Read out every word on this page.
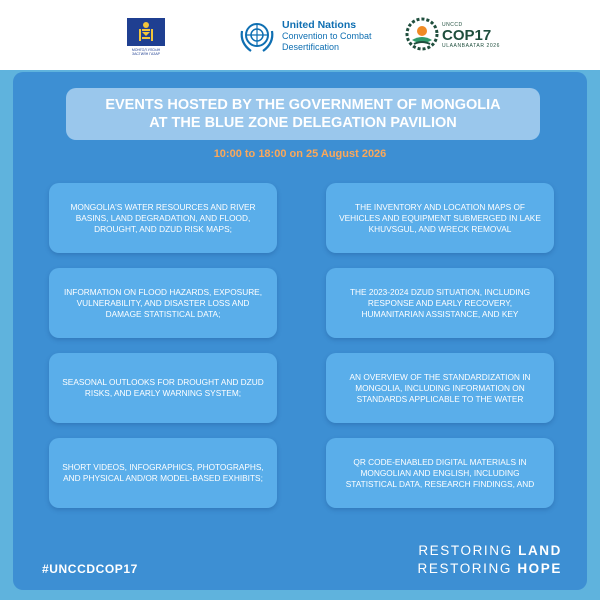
МОНГОЛ УЛСЫН ЗАСГИЙН ГАЗАР
United Nations
Convention to Combat
Desertification
UNCCD
COP17
ULAANBAATAR 2026
EVENTS HOSTED BY THE GOVERNMENT OF MONGOLIA
AT THE BLUE ZONE DELEGATION PAVILION
10:00 to 18:00 on 25 August 2026
MONGOLIA'S WATER RESOURCES AND RIVER BASINS, LAND DEGRADATION, AND FLOOD, DROUGHT, AND DZUD RISK MAPS;
THE INVENTORY AND LOCATION MAPS OF VEHICLES AND EQUIPMENT SUBMERGED IN LAKE KHUVSGUL, AND WRECK REMOVAL
INFORMATION ON FLOOD HAZARDS, EXPOSURE, VULNERABILITY, AND DISASTER LOSS AND DAMAGE STATISTICAL DATA;
THE 2023-2024 DZUD SITUATION, INCLUDING RESPONSE AND EARLY RECOVERY, HUMANITARIAN ASSISTANCE, AND KEY
SEASONAL OUTLOOKS FOR DROUGHT AND DZUD RISKS, AND EARLY WARNING SYSTEM;
AN OVERVIEW OF THE STANDARDIZATION IN MONGOLIA, INCLUDING INFORMATION ON STANDARDS APPLICABLE TO THE WATER
SHORT VIDEOS, INFOGRAPHICS, PHOTOGRAPHS, AND PHYSICAL AND/OR MODEL-BASED EXHIBITS;
QR CODE-ENABLED DIGITAL MATERIALS IN MONGOLIAN AND ENGLISH, INCLUDING STATISTICAL DATA, RESEARCH FINDINGS, AND
#UNCCDCOP17
RESTORING LAND
RESTORING HOPE
